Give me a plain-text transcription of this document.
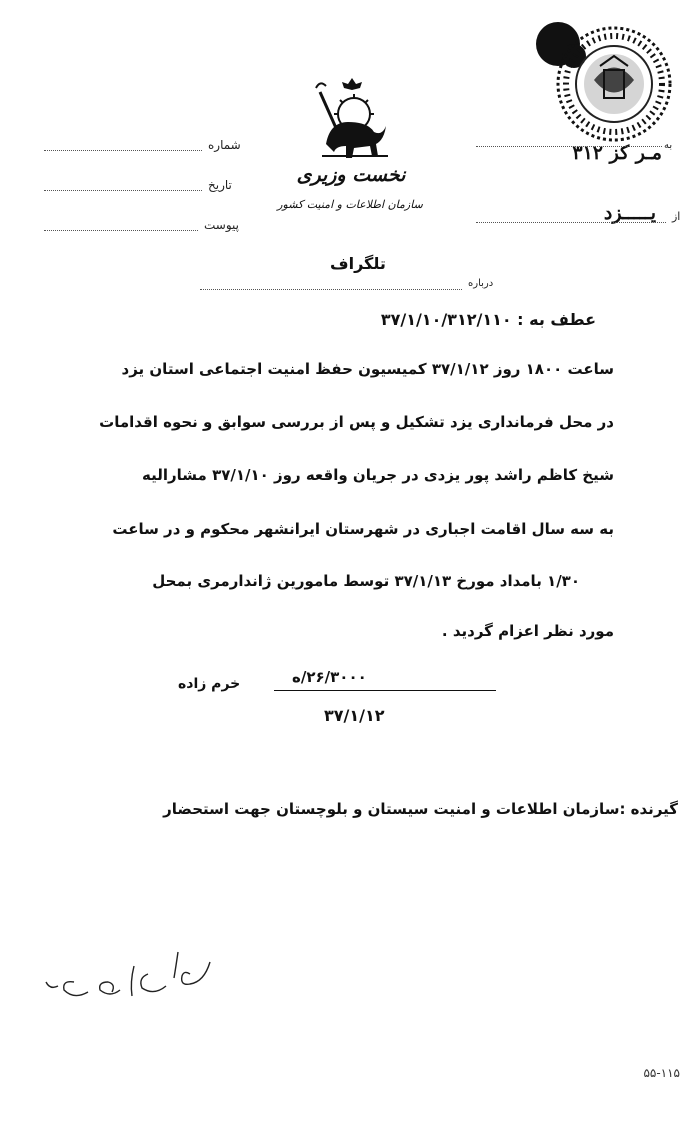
نخست وزیری
سازمان اطلاعات و امنیت کشور
به
مـر کز ۳۱۲
از
یـــــزد
شماره
تاریخ
پیوست
تلگراف
درباره
عطف به : ۳۷/۱/۱۰/۳۱۲/۱۱۰
ساعت ۱۸۰۰ روز ۳۷/۱/۱۲ کمیسیون حفظ امنیت اجتماعی استان یزد
در محل فرمانداری یزد تشکیل و پس از بررسی سوابق و نحوه اقدامات
شیخ کاظم راشد پور یزدی در جریان واقعه روز ۳۷/۱/۱۰ مشارالیه
به سه سال اقامت اجباری در شهرستان ایرانشهر محکوم و در ساعت
۱/۳۰ بامداد مورخ ۳۷/۱/۱۳ توسط مامورین ژاندارمری بمحل
مورد نظر اعزام گردید .
۲۶/۳۰۰۰/ه
خرم زاده
۳۷/۱/۱۲
گیرنده :سازمان اطلاعات و امنیت سیستان و بلوچستان جهت استحضار
۵۵-۱۱۵
